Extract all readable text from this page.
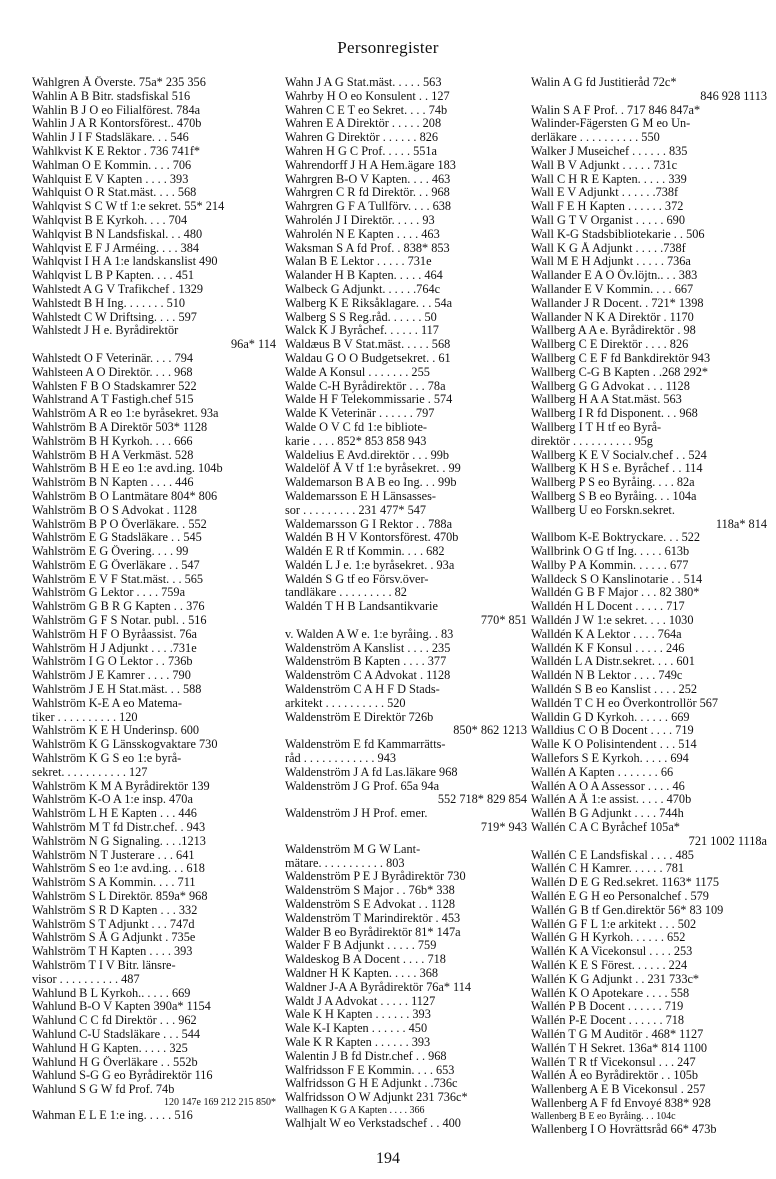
Personregister
Wahlgren Å Överste. 75a* 235 356
Wahlin A B Bitr. stadsfiskal 516
Wahlin B J O eo Filialförest. 784a
Wahlin J A R Kontorsförest.. 470b
Wahlin J I F Stadsläkare. . . 546
Wahlkvist K E Rektor . 736 741f*
Wahlman O E Kommin. . . . 706
Wahlquist E V Kapten . . . . 393
Wahlquist O R Stat.mäst. . . . 568
Wahlqvist S C W tf 1:e sekret. 55* 214
Wahlqvist B E Kyrkoh. . . . 704
Wahlqvist B N Landsfiskal. . . 480
Wahlqvist E F J Arméing. . . . 384
Wahlqvist I H A 1:e landskanslist 490
Wahlqvist L B P Kapten. . . . 451
Wahlstedt A G V Trafikchef . 1329
Wahlstedt B H Ing. . . . . . . 510
Wahlstedt C W Driftsing. . . . 597
Wahlstedt J H e. Byrådirektör
96a* 114
Wahlstedt O F Veterinär. . . . 794
Wahlsteen A O Direktör. . . . 968
Wahlsten F B O Stadskamrer 522
Wahlstrand A T Fastigh.chef 515
Wahlström A R eo 1:e byråsekret. 93a
Wahlström B A Direktör 503* 1128
Wahlström B H Kyrkoh. . . . 666
Wahlström B H A Verkmäst. 528
Wahlström B H E eo 1:e avd.ing. 104b
Wahlström B N Kapten . . . . 446
Wahlström B O Lantmätare 804* 806
Wahlström B O S Advokat . 1128
Wahlström B P O Överläkare. . 552
Wahlström E G Stadsläkare . . 545
Wahlström E G Övering. . . . 99
Wahlström E G Överläkare . . 547
Wahlström E V F Stat.mäst. . . 565
Wahlström G Lektor . . . . 759a
Wahlström G B R G Kapten . . 376
Wahlström G F S Notar. publ. . 516
Wahlström H F O Byråassist. 76a
Wahlström H J Adjunkt . . . .731e
Wahlström I G O Lektor . . 736b
Wahlström J E Kamrer . . . . 790
Wahlström J E H Stat.mäst. . . 588
Wahlström K-E A eo Matema-
tiker . . . . . . . . . . 120
Wahlström K E H Underinsp. 600
Wahlström K G Länsskogvaktare 730
Wahlström K G S eo 1:e byrå-
sekret. . . . . . . . . . . 127
Wahlström K M A Byrådirektör 139
Wahlström K-O A 1:e insp. 470a
Wahlström L H E Kapten . . . 446
Wahlström M T fd Distr.chef. . 943
Wahlström N G Signaling. . . .1213
Wahlström N T Justerare . . . 641
Wahlström S eo 1:e avd.ing. . . 618
Wahlström S A Kommin. . . . 711
Wahlström S L Direktör. 859a* 968
Wahlström S R D Kapten . . . 332
Wahlström S T Adjunkt . . . 747d
Wahlström S Å G Adjunkt . 735e
Wahlström T H Kapten . . . . 393
Wahlström T I V Bitr. länsre-
visor . . . . . . . . . . 487
Wahlund B L Kyrkoh.. . . . . 669
Wahlund B-O V Kapten 390a* 1154
Wahlund C C fd Direktör . . . 962
Wahlund C-U Stadsläkare . . . 544
Wahlund H G Kapten. . . . . 325
Wahlund H G Överläkare . . 552b
Wahlund S-G G eo Byrådirektör 116
Wahlund S G W fd Prof. 74b
120 147e 169 212 215 850*
Wahman E L E 1:e ing. . . . . 516
Wahn J A G Stat.mäst. . . . . 563
Wahrby H O eo Konsulent . . 127
Wahren C E T eo Sekret. . . . 74b
Wahren E A Direktör . . . . . 208
Wahren G Direktör . . . . . . 826
Wahren H G C Prof. . . . . 551a
Wahrendorff J H A Hem.ägare 183
Wahrgren B-O V Kapten. . . . 463
Wahrgren C R fd Direktör. . . 968
Wahrgren G F A Tullförv. . . . 638
Wahrolén J I Direktör. . . . . 93
Wahrolén N E Kapten . . . . 463
Waksman S A fd Prof. . 838* 853
Walan B E Lektor . . . . . 731e
Walander H B Kapten. . . . . 464
Walbeck G Adjunkt. . . . . .764c
Walberg K E Riksåklagare. . . 54a
Walberg S S Reg.råd. . . . . . 50
Walck K J Byråchef. . . . . . 117
Waldæus B V Stat.mäst. . . . . 568
Waldau G O O Budgetsekret. . 61
Walde A Konsul . . . . . . . 255
Walde C-H Byrådirektör . . . 78a
Walde H F Telekommissarie . 574
Walde K Veterinär . . . . . . 797
Walde O V C fd 1:e bibliote-
karie . . . . 852* 853 858 943
Waldelius E Avd.direktör . . . 99b
Waldelöf Å V tf 1:e byråsekret. . 99
Waldemarson B A B eo Ing. . . 99b
Waldemarsson E H Länsasses-
sor . . . . . . . . . 231 477* 547
Waldemarsson G I Rektor . . 788a
Waldén B H V Kontorsförest. 470b
Waldén E R tf Kommin. . . . 682
Waldén L J e. 1:e byråsekret. . 93a
Waldén S G tf eo Försv.över-
tandläkare . . . . . . . . . 82
Waldén T H B Landsantikvarie
770* 851
v. Walden A W e. 1:e byråing. . 83
Waldenström A Kanslist . . . . 235
Waldenström B Kapten . . . . 377
Waldenström C A Advokat . 1128
Waldenström C A H F D Stads-
arkitekt . . . . . . . . . . 520
Waldenström E Direktör 726b
850* 862 1213
Waldenström E fd Kammarrätts-
råd . . . . . . . . . . . . 943
Waldenström J A fd Las.läkare 968
Waldenström J G Prof. 65a 94a
552 718* 829 854
Waldenström J H Prof. emer.
719* 943
Waldenström M G W Lant-
mätare. . . . . . . . . . . 803
Waldenström P E J Byrådirektör 730
Waldenström S Major . . 76b* 338
Waldenström S E Advokat . . 1128
Waldenström T Marindirektör . 453
Walder B eo Byrådirektör 81* 147a
Walder F B Adjunkt . . . . . 759
Waldeskog B A Docent . . . . 718
Waldner H K Kapten. . . . . 368
Waldner J-A A Byrådirektör 76a* 114
Waldt J A Advokat . . . . . 1127
Wale K H Kapten . . . . . . 393
Wale K-I Kapten . . . . . . 450
Wale K R Kapten . . . . . . 393
Walentin J B fd Distr.chef . . 968
Walfridsson F E Kommin. . . . 653
Walfridsson G H E Adjunkt . .736c
Walfridsson O W Adjunkt 231 736c*
Wallhagen K G A Kapten . . . . 366
Walhjalt W eo Verkstadschef . . 400
Walin A G fd Justitieråd 72c*
846 928 1113
Walin S A F Prof. . 717 846 847a*
Walinder-Fägersten G M eo Un-
derläkare . . . . . . . . . . 550
Walker J Museichef . . . . . . 835
Wall B V Adjunkt . . . . . 731c
Wall C H R E Kapten. . . . . 339
Wall E V Adjunkt . . . . . .738f
Wall F E H Kapten . . . . . . 372
Wall G T V Organist . . . . . 690
Wall K-G Stadsbibliotekarie . . 506
Wall K G Å Adjunkt . . . . .738f
Wall M E H Adjunkt . . . . . 736a
Wallander E A O Öv.löjtn.. . . 383
Wallander E V Kommin. . . . 667
Wallander J R Docent. . 721* 1398
Wallander N K A Direktör . 1170
Wallberg A A e. Byrådirektör . 98
Wallberg C E Direktör . . . . 826
Wallberg C E F fd Bankdirektör 943
Wallberg C-G B Kapten . .268 292*
Wallberg G G Advokat . . . 1128
Wallberg H A A Stat.mäst. 563
Wallberg I R fd Disponent. . . 968
Wallberg I T H tf eo Byrå-
direktör . . . . . . . . . . 95g
Wallberg K E V Socialv.chef . . 524
Wallberg K H S e. Byråchef . . 114
Wallberg P S eo Byråing. . . . 82a
Wallberg S B eo Byråing. . . 104a
Wallberg U eo Forskn.sekret.
118a* 814
Wallbom K-E Boktryckare. . . 522
Wallbrink O G tf Ing. . . . . 613b
Wallby P A Kommin. . . . . . 677
Walldeck S O Kanslinotarie . . 514
Walldén G B F Major . . . 82 380*
Walldén H L Docent . . . . . 717
Walldén J W 1:e sekret. . . . 1030
Walldén K A Lektor . . . . 764a
Walldén K F Konsul . . . . . 246
Walldén L A Distr.sekret. . . . 601
Walldén N B Lektor . . . . 749c
Walldén S B eo Kanslist . . . . 252
Walldén T C H eo Överkontrollör 567
Walldin G D Kyrkoh. . . . . . 669
Walldius C O B Docent . . . . 719
Walle K O Polisintendent . . . 514
Wallefors S E Kyrkoh. . . . . 694
Wallén A Kapten . . . . . . . 66
Wallén A O A Assessor . . . . 46
Wallén A Å 1:e assist. . . . . 470b
Wallén B G Adjunkt . . . . 744h
Wallén C A C Byråchef 105a*
721 1002 1118a
Wallén C E Landsfiskal . . . . 485
Wallén C H Kamrer. . . . . . 781
Wallén D E G Red.sekret. 1163* 1175
Wallén E G H eo Personalchef . 579
Wallén G B tf Gen.direktör 56* 83 109
Wallén G F L 1:e arkitekt . . . 502
Wallén G H Kyrkoh. . . . . . 652
Wallén K A Vicekonsul . . . . 253
Wallén K E S Förest. . . . . . 224
Wallén K G Adjunkt . . 231 733c*
Wallén K O Apotekare . . . . 558
Wallén P B Docent . . . . . . 719
Wallén P-E Docent . . . . . . 718
Wallén T G M Auditör . 468* 1127
Wallén T H Sekret. 136a* 814 1100
Wallén T R tf Vicekonsul . . . 247
Wallén Å eo Byrådirektör . . 105b
Wallenberg A E B Vicekonsul . 257
Wallenberg A F fd Envoyé 838* 928
Wallenberg B E eo Byråing. . . 104c
Wallenberg I O Hovrättsråd 66* 473b
194
